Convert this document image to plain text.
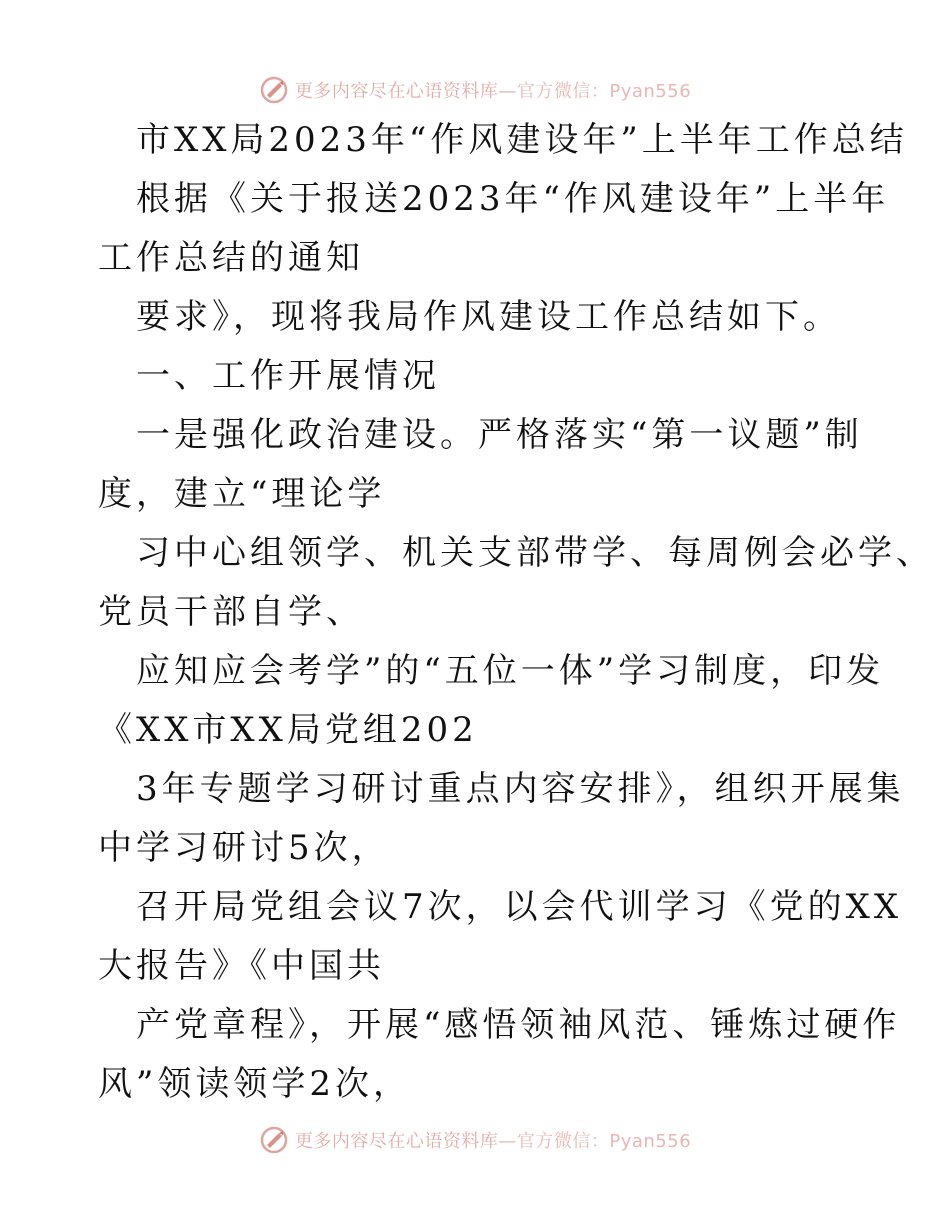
更多内容尽在心语资料库—官方微信：Pyan556
市XX局2023年“作风建设年”上半年工作总结
根据《关于报送2023年“作风建设年”上半年
工作总结的通知
要求》，现将我局作风建设工作总结如下。
一、工作开展情况
一是强化政治建设。严格落实“第一议题”制
度，建立“理论学
习中心组领学、机关支部带学、每周例会必学、
党员干部自学、
应知应会考学”的“五位一体”学习制度，印发
《XX市XX局党组202
3年专题学习研讨重点内容安排》，组织开展集
中学习研讨5次，
召开局党组会议7次，以会代训学习《党的XX
大报告》《中国共
产党章程》，开展“感悟领袖风范、锤炼过硬作
风”领读领学2次，
更多内容尽在心语资料库—官方微信：Pyan556
